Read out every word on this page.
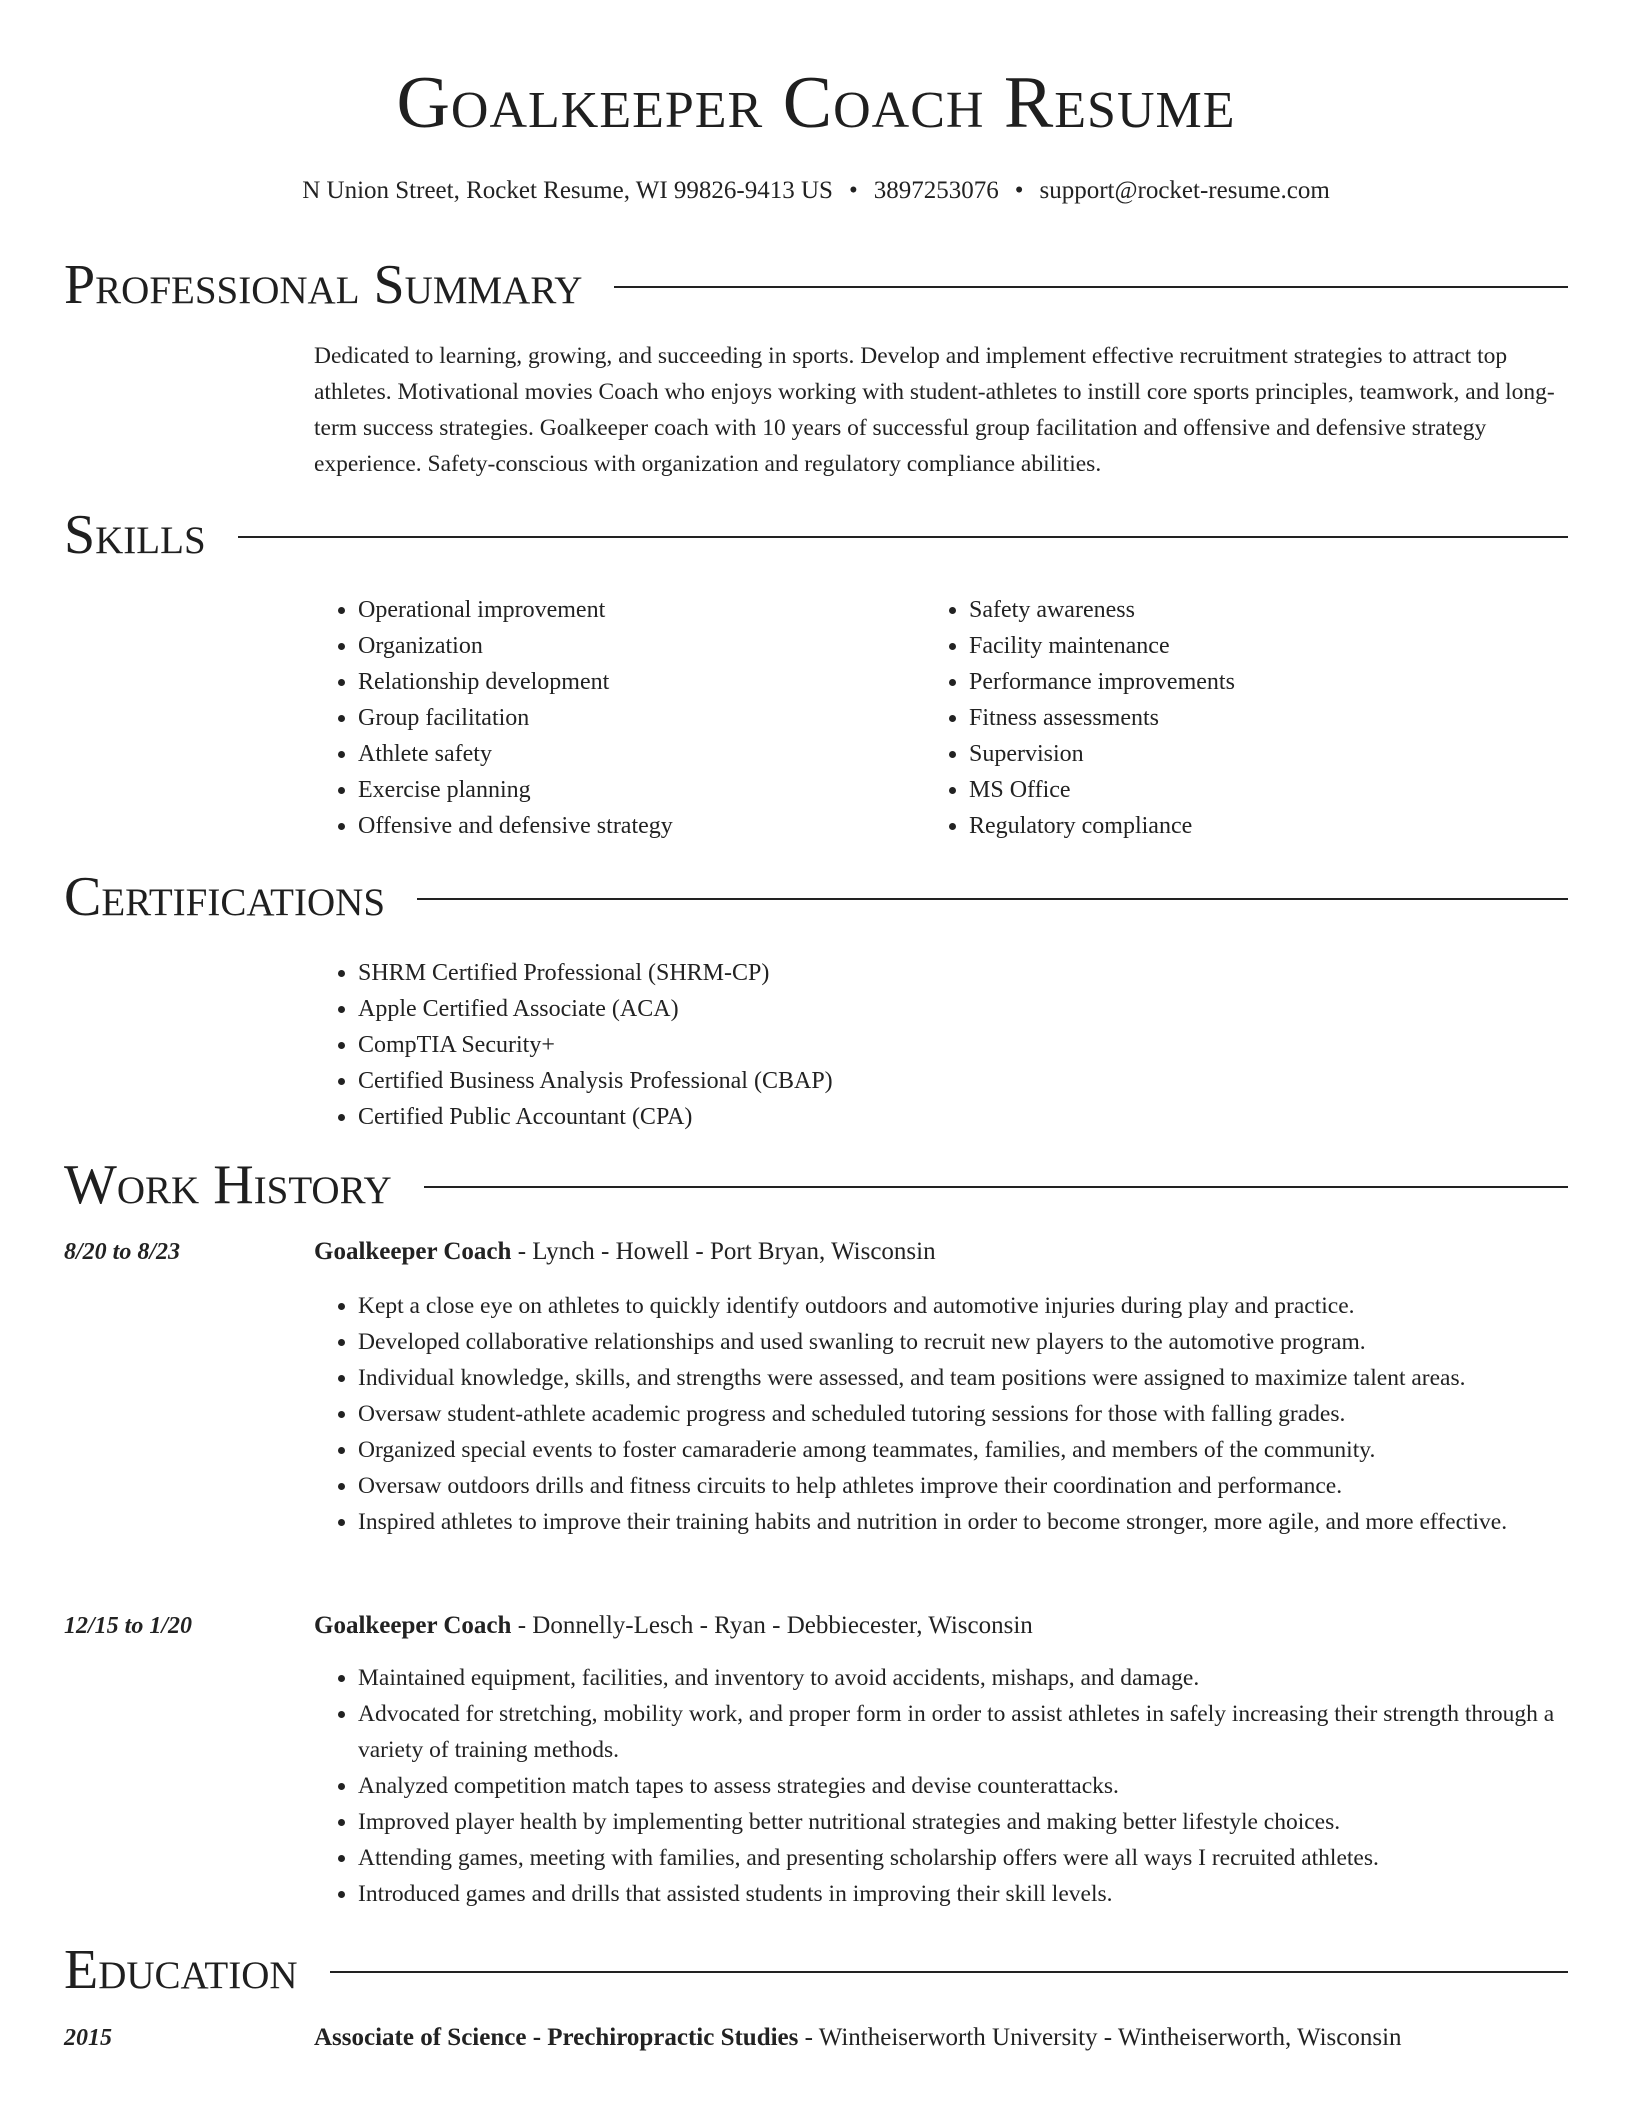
Goalkeeper Coach Resume
N Union Street, Rocket Resume, WI 99826-9413 US • 3897253076 • support@rocket-resume.com
Professional Summary
Dedicated to learning, growing, and succeeding in sports. Develop and implement effective recruitment strategies to attract top athletes. Motivational movies Coach who enjoys working with student-athletes to instill core sports principles, teamwork, and long-term success strategies. Goalkeeper coach with 10 years of successful group facilitation and offensive and defensive strategy experience. Safety-conscious with organization and regulatory compliance abilities.
Skills
• Operational improvement
• Organization
• Relationship development
• Group facilitation
• Athlete safety
• Exercise planning
• Offensive and defensive strategy
• Safety awareness
• Facility maintenance
• Performance improvements
• Fitness assessments
• Supervision
• MS Office
• Regulatory compliance
Certifications
• SHRM Certified Professional (SHRM-CP)
• Apple Certified Associate (ACA)
• CompTIA Security+
• Certified Business Analysis Professional (CBAP)
• Certified Public Accountant (CPA)
Work History
8/20 to 8/23	Goalkeeper Coach - Lynch - Howell - Port Bryan, Wisconsin
• Kept a close eye on athletes to quickly identify outdoors and automotive injuries during play and practice.
• Developed collaborative relationships and used swanling to recruit new players to the automotive program.
• Individual knowledge, skills, and strengths were assessed, and team positions were assigned to maximize talent areas.
• Oversaw student-athlete academic progress and scheduled tutoring sessions for those with falling grades.
• Organized special events to foster camaraderie among teammates, families, and members of the community.
• Oversaw outdoors drills and fitness circuits to help athletes improve their coordination and performance.
• Inspired athletes to improve their training habits and nutrition in order to become stronger, more agile, and more effective.
12/15 to 1/20	Goalkeeper Coach - Donnelly-Lesch - Ryan - Debbiecester, Wisconsin
• Maintained equipment, facilities, and inventory to avoid accidents, mishaps, and damage.
• Advocated for stretching, mobility work, and proper form in order to assist athletes in safely increasing their strength through a variety of training methods.
• Analyzed competition match tapes to assess strategies and devise counterattacks.
• Improved player health by implementing better nutritional strategies and making better lifestyle choices.
• Attending games, meeting with families, and presenting scholarship offers were all ways I recruited athletes.
• Introduced games and drills that assisted students in improving their skill levels.
Education
2015	Associate of Science - Prechiropractic Studies - Wintheiserworth University - Wintheiserworth, Wisconsin
